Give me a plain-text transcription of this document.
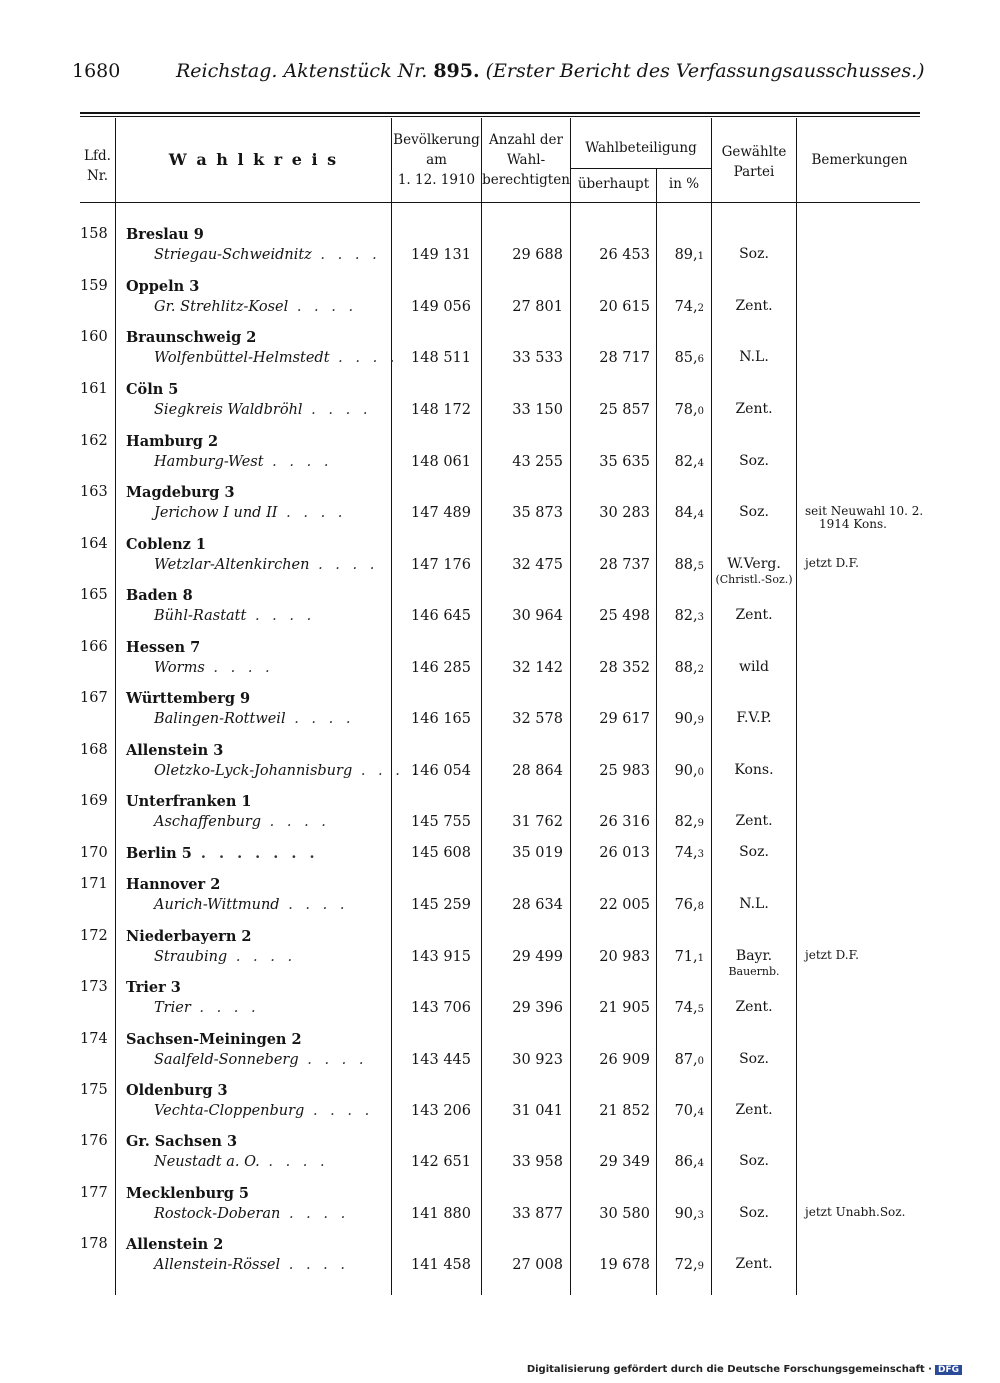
1680	Reichstag. Aktenstück Nr. 895. (Erster Bericht des Verfassungsausschusses.)
Lfd. Nr.
W a h l k r e i s
Bevölkerung
am
1. 12. 1910
Anzahl der
Wahl-
berechtigten
Wahlbeteiligung
überhaupt	in %
Gewählte
Partei
Bemerkungen
158 Breslau 9
Striegau-Schweidnitz . . . .	149 131	29 688	26 453	89,1	Soz.
159 Oppeln 3
Gr. Strehlitz-Kosel . . . .	149 056	27 801	20 615	74,2	Zent.
160 Braunschweig 2
Wolfenbüttel-Helmstedt . . . . 148 511	33 533	28 717	85,6	N.L.
161 Cöln 5
Siegkreis Waldbröhl . . . .	148 172	33 150	25 857	78,0	Zent.
162 Hamburg 2
Hamburg-West . . . .	148 061	43 255	35 635	82,4	Soz.
163 Magdeburg 3
Jerichow I und II . . . .	147 489	35 873	30 283	84,4	Soz.	seit Neuwahl 10. 2.
1914 Kons.
164 Coblenz 1
Wetzlar-Altenkirchen . . . .	147 176	32 475	28 737	88,5	W.Verg.
(Christl.-Soz.)
jetzt D.F.
165 Baden 8
Bühl-Rastatt . . . .	146 645	30 964	25 498	82,3	Zent.
166 Hessen 7
Worms . . . .	146 285	32 142	28 352	88,2	wild
167 Württemberg 9
Balingen-Rottweil . . . .	146 165	32 578	29 617	90,9	F.V.P.
168 Allenstein 3
Oletzko-Lyck-Johannisburg . . . .
146 054	28 864	25 983	90,0	Kons.
169 Unterfranken 1
Aschaffenburg . . . .	145 755	31 762	26 316	82,9	Zent.
170 Berlin 5 . . . . . . .	145 608	35 019	26 013	74,3	Soz.
171 Hannover 2
Aurich-Wittmund . . . .	145 259	28 634	22 005	76,8	N.L.
172 Niederbayern 2
Straubing . . . .	143 915	29 499	20 983	71,1	Bayr.
Bauernb.
jetzt D.F.
173 Trier 3
Trier . . . .	143 706	29 396	21 905	74,5	Zent.
174 Sachsen-Meiningen 2
Saalfeld-Sonneberg . . . .	143 445	30 923	26 909	87,0	Soz.
175 Oldenburg 3
Vechta-Cloppenburg . . . .	143 206	31 041	21 852	70,4	Zent.
176 Gr. Sachsen 3
Neustadt a. O. . . . .	142 651	33 958	29 349	86,4	Soz.
177 Mecklenburg 5
Rostock-Doberan . . . .	141 880	33 877	30 580	90,3	Soz.	jetzt Unabh.Soz.
178 Allenstein 2
Allenstein-Rössel . . . .	141 458	27 008	19 678	72,9	Zent.
Digitalisierung gefördert durch die Deutsche Forschungsgemeinschaft · DFG
